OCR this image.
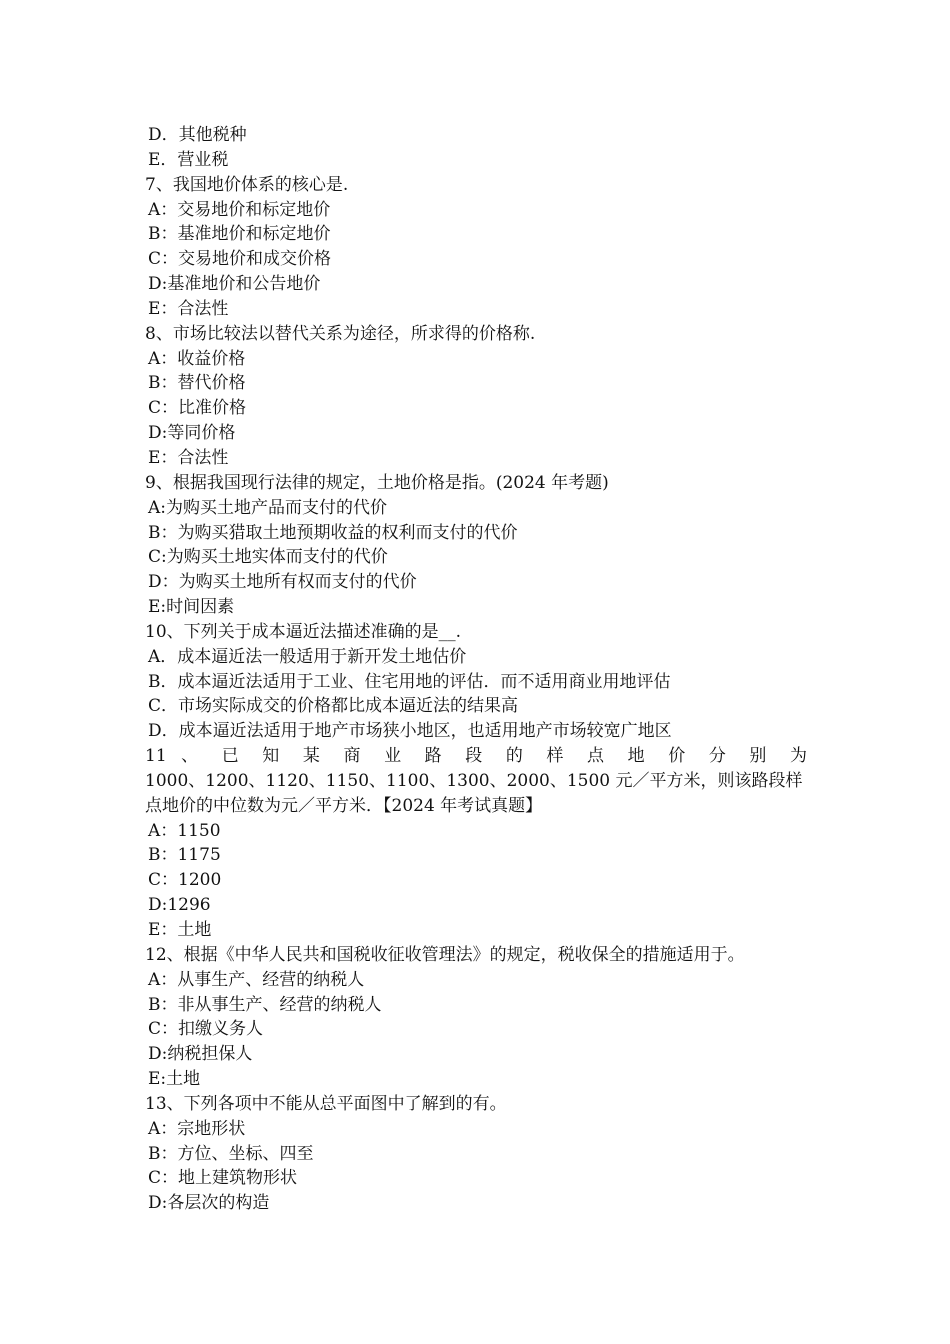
D．其他税种
E．营业税
7、我国地价体系的核心是.
A：交易地价和标定地价
B：基准地价和标定地价
C：交易地价和成交价格
D:基准地价和公告地价
E：合法性
8、市场比较法以替代关系为途径，所求得的价格称.
A：收益价格
B：替代价格
C：比准价格
D:等同价格
E：合法性
9、根据我国现行法律的规定，土地价格是指。(2024 年考题)
A:为购买土地产品而支付的代价
B：为购买猎取土地预期收益的权利而支付的代价
C:为购买土地实体而支付的代价
D：为购买土地所有权而支付的代价
E:时间因素
10、下列关于成本逼近法描述准确的是__.
A．成本逼近法一般适用于新开发土地估价
B．成本逼近法适用于工业、住宅用地的评估．而不适用商业用地评估
C．市场实际成交的价格都比成本逼近法的结果高
D．成本逼近法适用于地产市场狭小地区，也适用地产市场较宽广地区
11 、 已 知 某 商 业 路 段 的 样 点 地 价 分 别 为
1000、1200、1120、1150、1100、1300、2000、1500 元／平方米，则该路段样
点地价的中位数为元／平方米．【2024 年考试真题】
A：1150
B：1175
C：1200
D:1296
E：土地
12、根据《中华人民共和国税收征收管理法》的规定，税收保全的措施适用于。
A：从事生产、经营的纳税人
B：非从事生产、经营的纳税人
C：扣缴义务人
D:纳税担保人
E:土地
13、下列各项中不能从总平面图中了解到的有。
A：宗地形状
B：方位、坐标、四至
C：地上建筑物形状
D:各层次的构造
